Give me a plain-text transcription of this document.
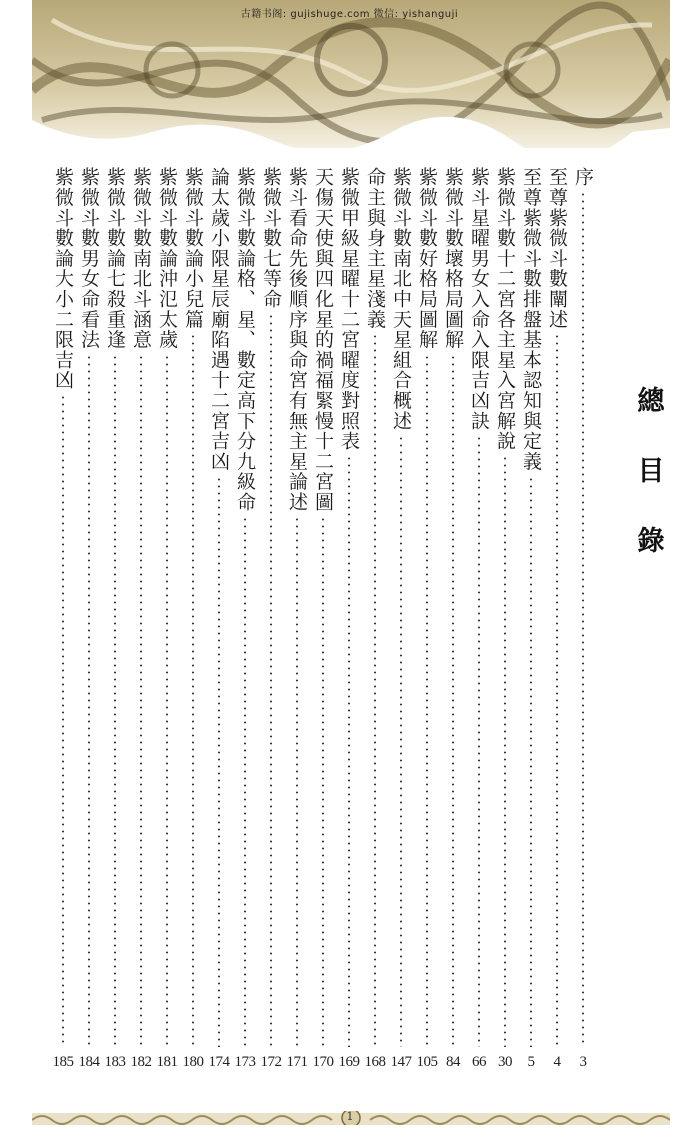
古籍书阁: gujishuge.com 微信: yishanguji
總
目
錄
序
至尊紫微斗數闡述
至尊紫微斗數排盤基本認知與定義
紫微斗數十二宮各主星入宮解說
紫斗星曜男女入命入限吉凶訣
紫微斗數壞格局圖解
紫微斗數好格局圖解
紫微斗數南北中天星組合概述
命主與身主星淺義
紫微甲級星曜十二宮曜度對照表
天傷天使與四化星的禍福緊慢十二宮圖
紫斗看命先後順序與命宮有無主星論述
紫微斗數七等命
紫微斗數論格、星、數定高下分九級命
論太歲小限星辰廟陷遇十二宮吉凶
紫微斗數論小兒篇
紫微斗數論沖氾太歲
紫微斗數南北斗涵意
紫微斗數論七殺重逢
紫微斗數男女命看法
紫微斗數論大小二限吉凶
3
4
5
30
66
84
105
147
168
169
170
171
172
173
174
180
181
182
183
184
185
1
